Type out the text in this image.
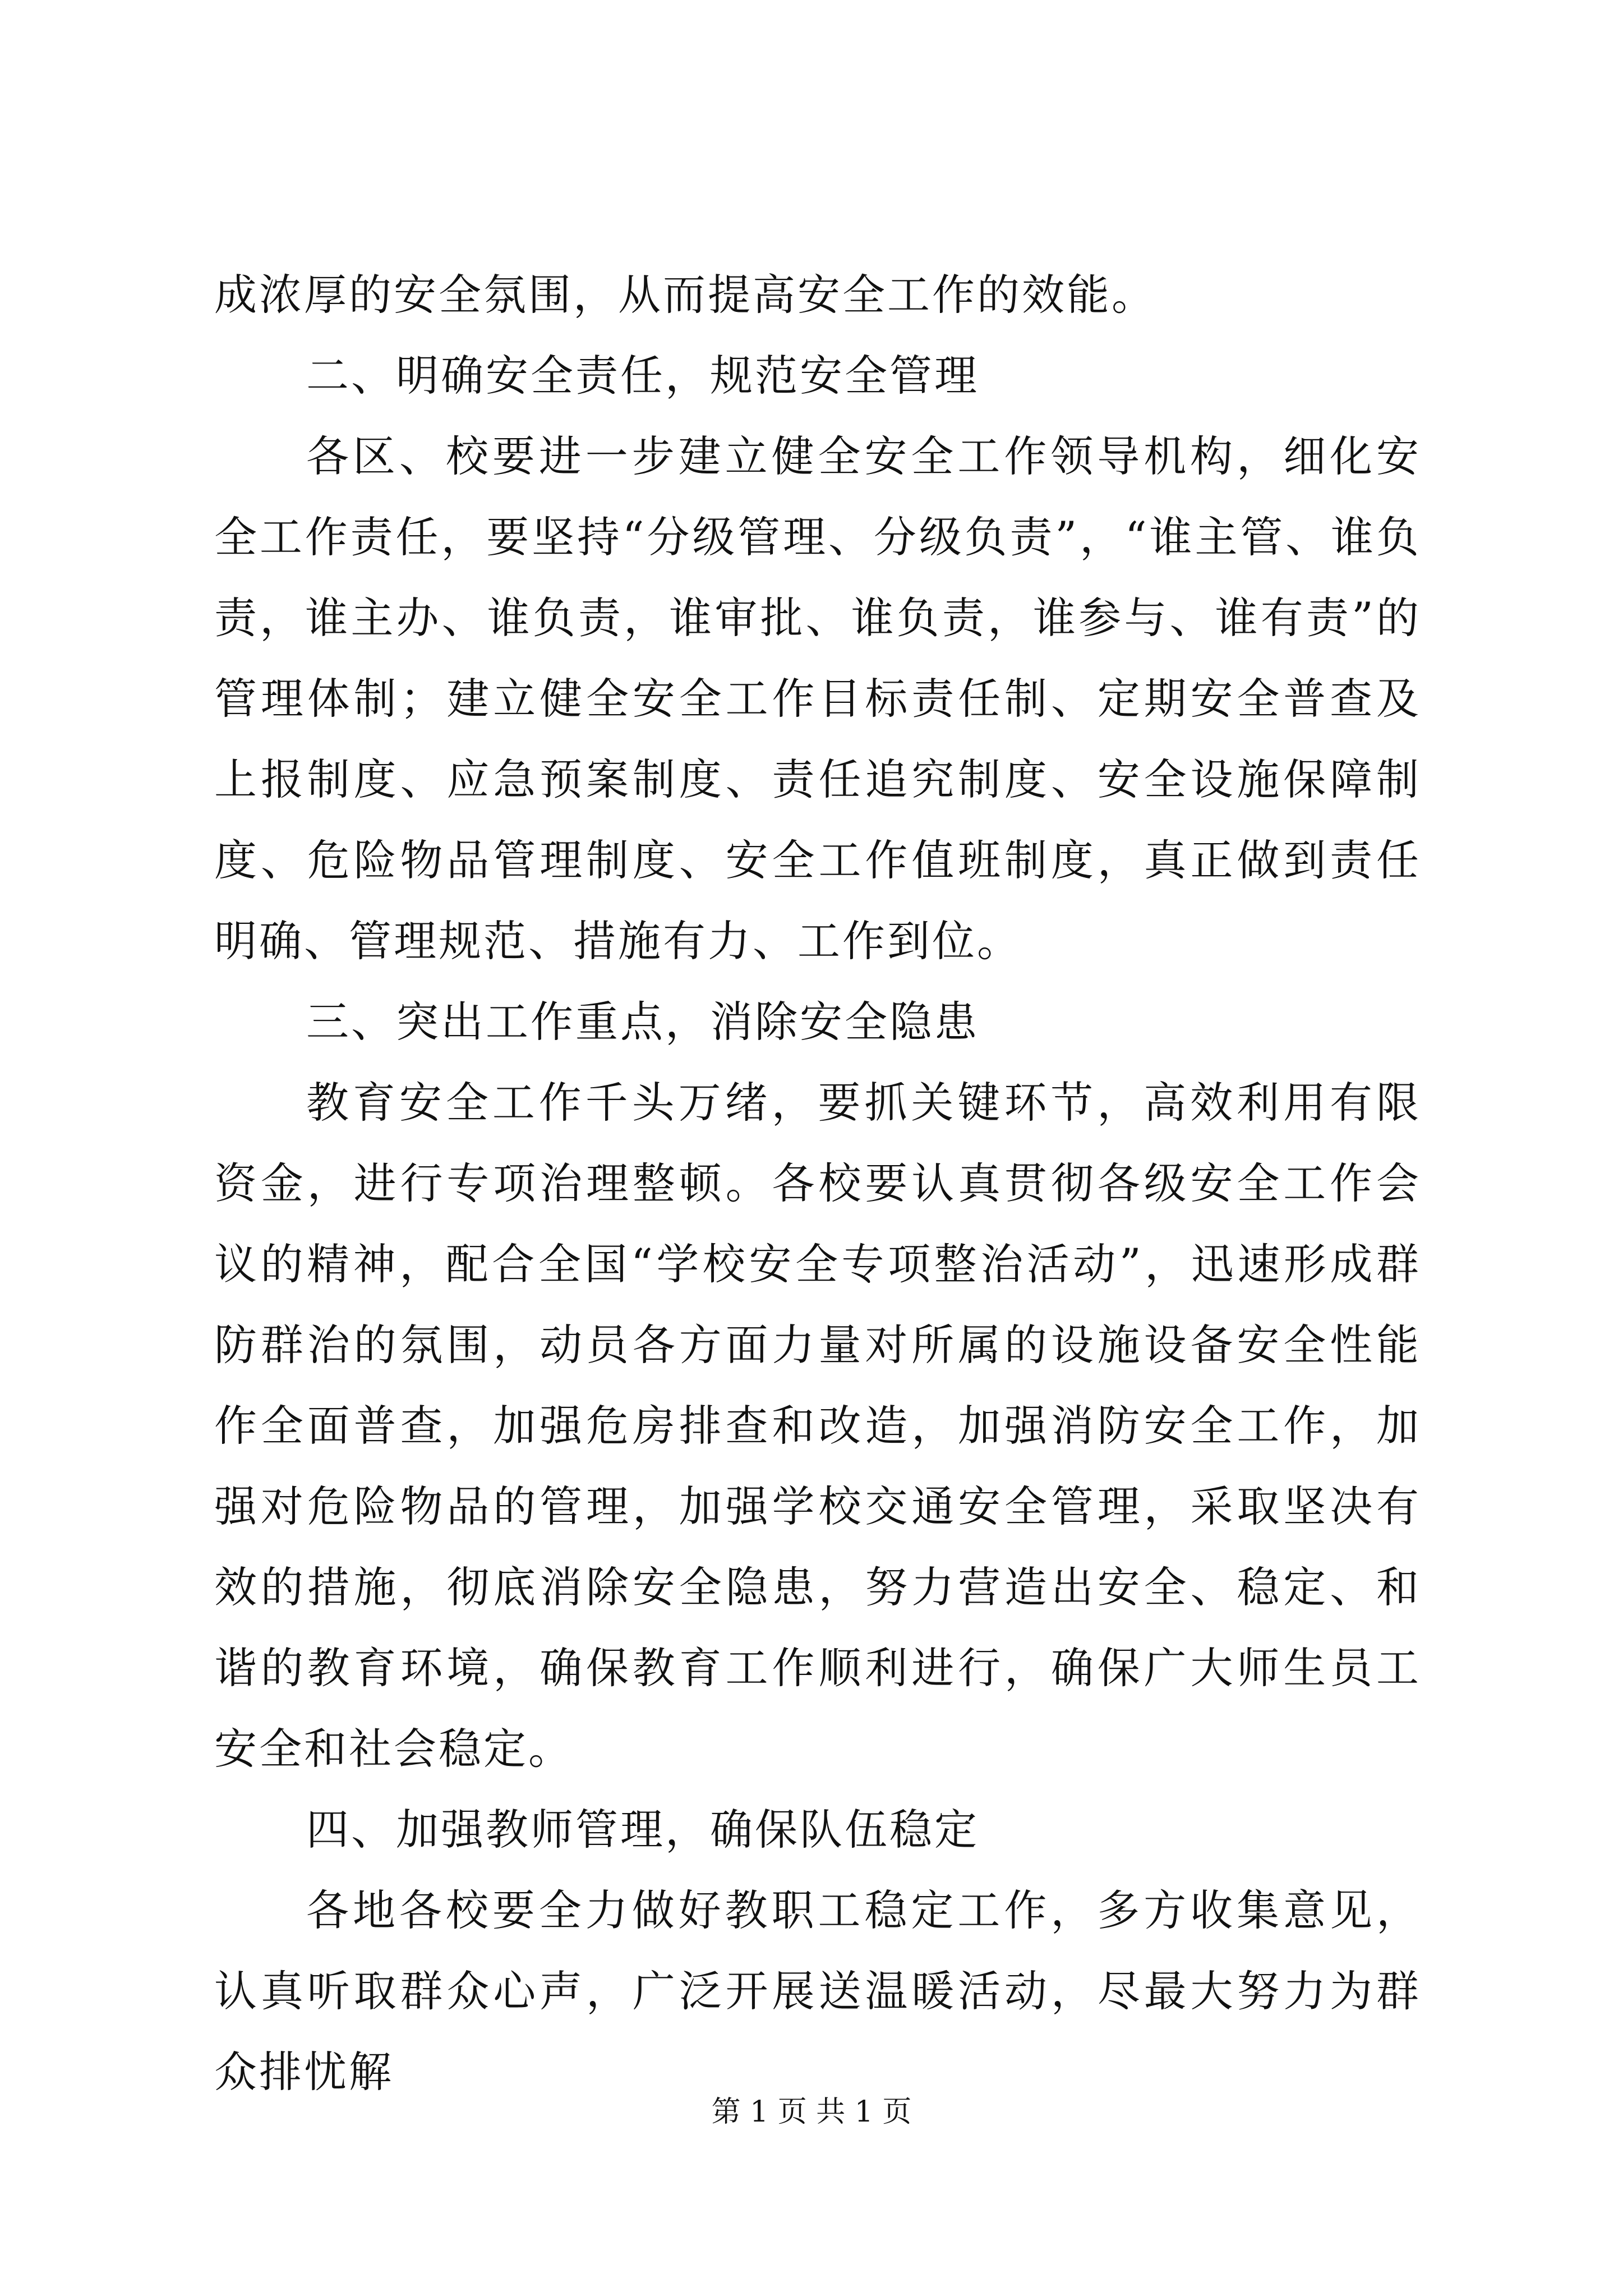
成浓厚的安全氛围，从而提高安全工作的效能。

二、明确安全责任，规范安全管理

各区、校要进一步建立健全安全工作领导机构，细化安全工作责任，要坚持“分级管理、分级负责”，“谁主管、谁负责，谁主办、谁负责，谁审批、谁负责，谁参与、谁有责”的管理体制；建立健全安全工作目标责任制、定期安全普查及上报制度、应急预案制度、责任追究制度、安全设施保障制度、危险物品管理制度、安全工作值班制度，真正做到责任明确、管理规范、措施有力、工作到位。

三、突出工作重点，消除安全隐患

教育安全工作千头万绪，要抓关键环节，高效利用有限资金，进行专项治理整顿。各校要认真贯彻各级安全工作会议的精神，配合全国“学校安全专项整治活动”，迅速形成群防群治的氛围，动员各方面力量对所属的设施设备安全性能作全面普查，加强危房排查和改造，加强消防安全工作，加强对危险物品的管理，加强学校交通安全管理，采取坚决有效的措施，彻底消除安全隐患，努力营造出安全、稳定、和谐的教育环境，确保教育工作顺利进行，确保广大师生员工安全和社会稳定。

四、加强教师管理，确保队伍稳定

各地各校要全力做好教职工稳定工作，多方收集意见，认真听取群众心声，广泛开展送温暖活动，尽最大努力为群众排忧解

第 1 页 共 1 页
